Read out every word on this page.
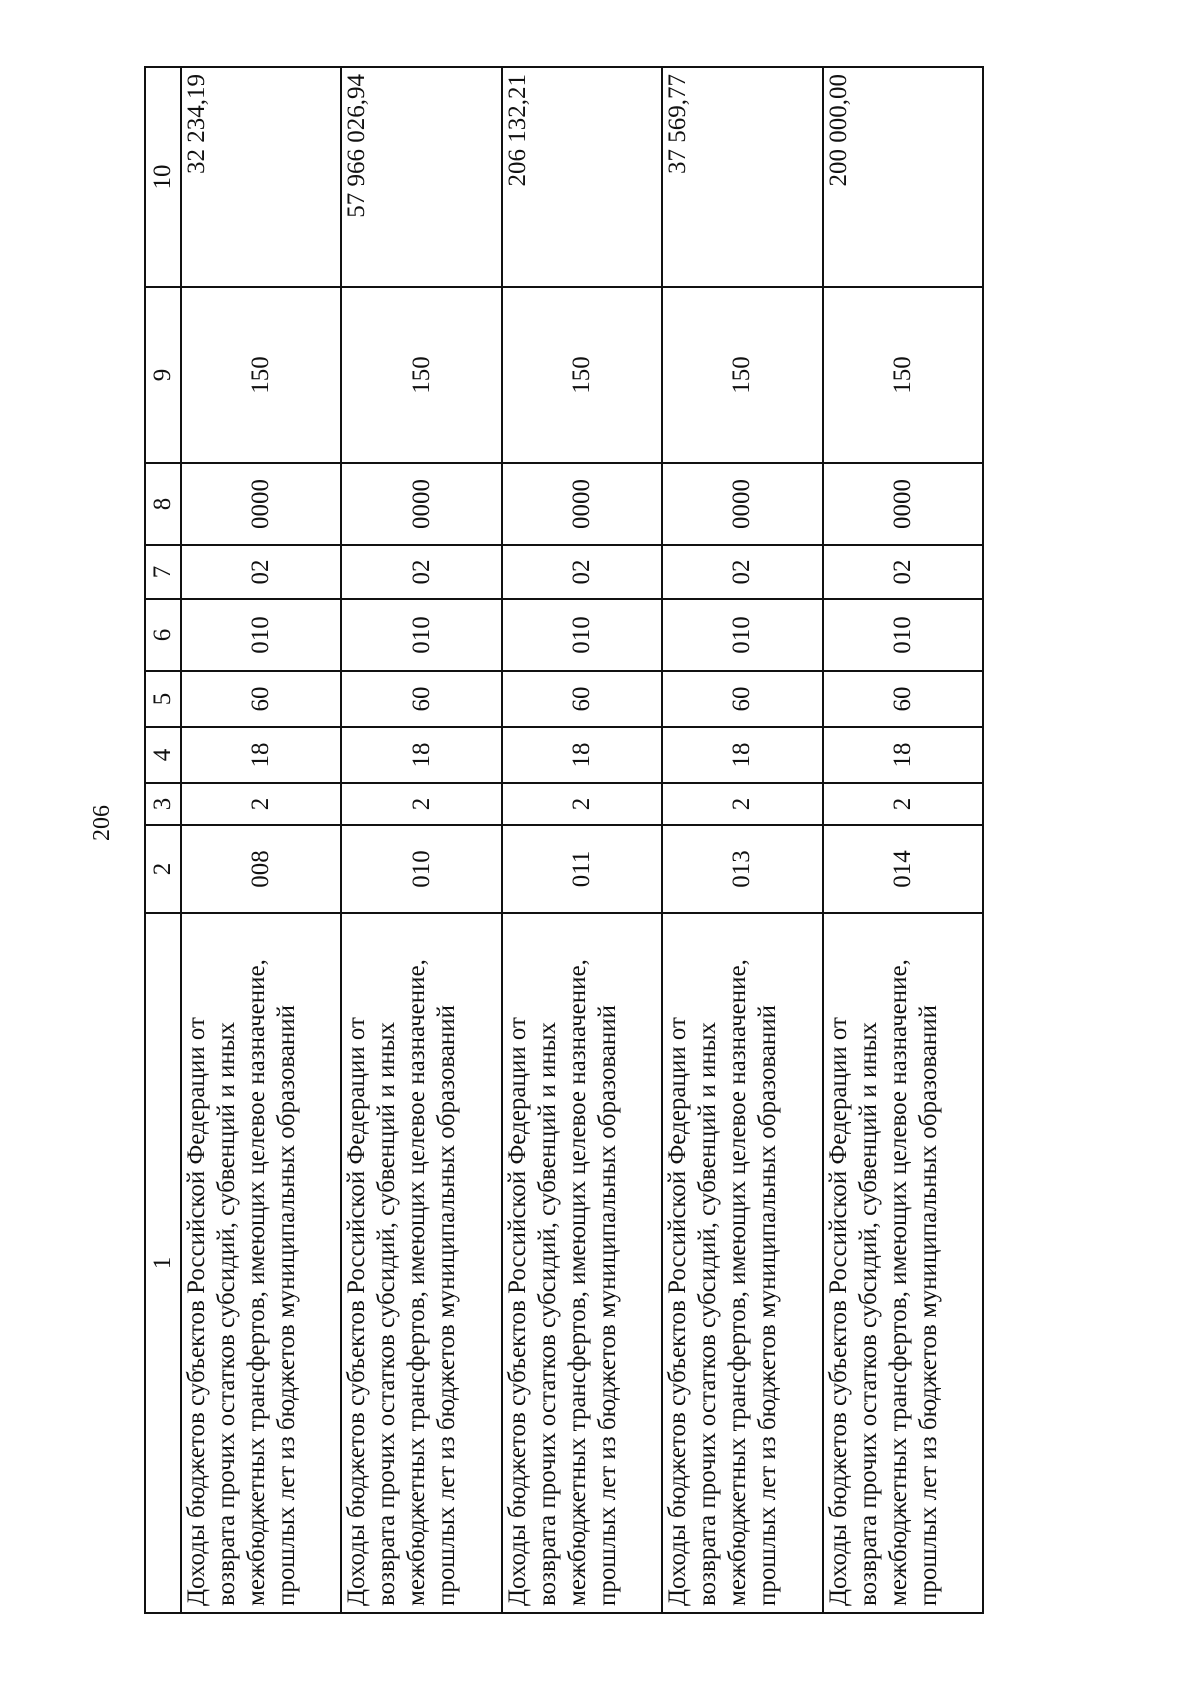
206
1	2	3	4	5	6	7	8	9	10
Доходы бюджетов субъектов Российской Федерации от возврата прочих остатков субсидий, субвенций и иных межбюджетных трансфертов, имеющих целевое назначение, прошлых лет из бюджетов муниципальных образований	008	2	18	60	010	02	0000	150	32 234,19
Доходы бюджетов субъектов Российской Федерации от возврата прочих остатков субсидий, субвенций и иных межбюджетных трансфертов, имеющих целевое назначение, прошлых лет из бюджетов муниципальных образований	010	2	18	60	010	02	0000	150	57 966 026,94
Доходы бюджетов субъектов Российской Федерации от возврата прочих остатков субсидий, субвенций и иных межбюджетных трансфертов, имеющих целевое назначение, прошлых лет из бюджетов муниципальных образований	011	2	18	60	010	02	0000	150	206 132,21
Доходы бюджетов субъектов Российской Федерации от возврата прочих остатков субсидий, субвенций и иных межбюджетных трансфертов, имеющих целевое назначение, прошлых лет из бюджетов муниципальных образований	013	2	18	60	010	02	0000	150	37 569,77
Доходы бюджетов субъектов Российской Федерации от возврата прочих остатков субсидий, субвенций и иных межбюджетных трансфертов, имеющих целевое назначение, прошлых лет из бюджетов муниципальных образований	014	2	18	60	010	02	0000	150	200 000,00
